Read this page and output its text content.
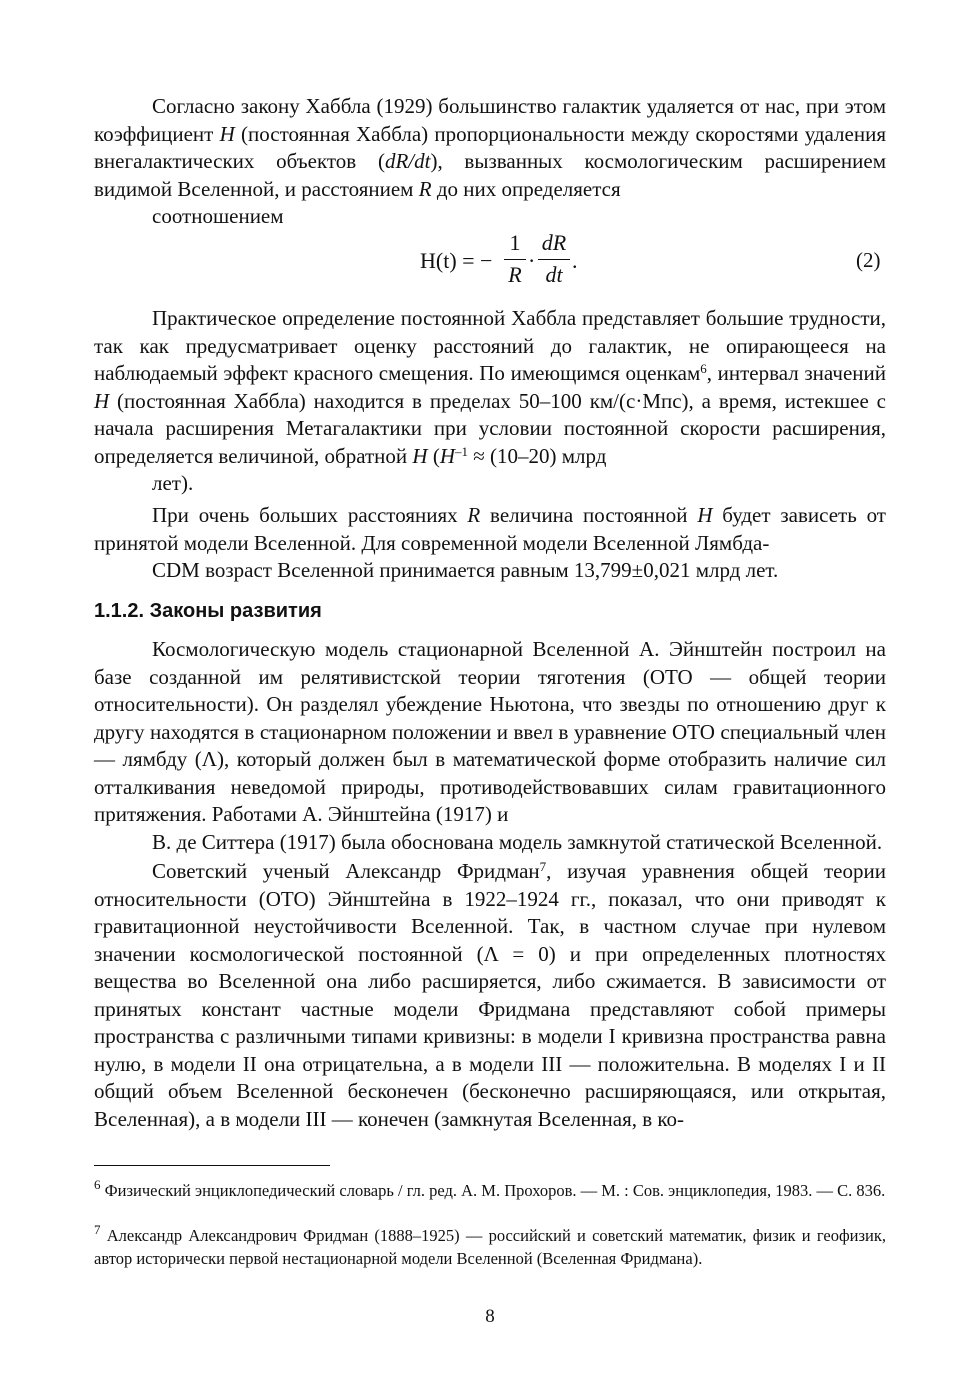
Согласно закону Хаббла (1929) большинство галактик удаляется от нас, при этом коэффициент H (постоянная Хаббла) пропорциональности между скоростями удаления внегалактических объектов (dR/dt), вызванных космологическим расширением видимой Вселенной, и расстоянием R до них определяется
соотношением
H(t) = −
1
R
·
dR
dt
.	(2)
Практическое определение постоянной Хаббла представляет большие трудности, так как предусматривает оценку расстояний до галактик, не опирающееся на наблюдаемый эффект красного смещения. По имеющимся оценкам$^6$, интервал значений H (постоянная Хаббла) находится в пределах 50–100 км/(с·Мпс), а время, истекшее с начала расширения Метагалактики при условии постоянной скорости расширения, определяется величиной, обратной H ($H^{-1} \approx (10-20)$ млрд
лет).
При очень больших расстояниях R величина постоянной H будет зависеть от принятой модели Вселенной. Для современной модели Вселенной Лямбда-
CDM возраст Вселенной принимается равным 13,799±0,021 млрд лет.
1.1.2. Законы развития
Космологическую модель стационарной Вселенной А. Эйнштейн построил на базе созданной им релятивистской теории тяготения (ОТО — общей теории относительности). Он разделял убеждение Ньютона, что звезды по отношению друг к другу находятся в стационарном положении и ввел в уравнение ОТО специальный член — лямбду (Λ), который должен был в математической форме отобразить наличие сил отталкивания неведомой природы, противодействовавших силам гравитационного притяжения. Работами А. Эйнштейна (1917) и
В. де Ситтера (1917) была обоснована модель замкнутой статической Вселенной.
Советский ученый Александр Фридман$^7$, изучая уравнения общей теории относительности (ОТО) Эйнштейна в 1922–1924 гг., показал, что они приводят к гравитационной неустойчивости Вселенной. Так, в частном случае при нулевом значении космологической постоянной (Λ = 0) и при определенных плотностях вещества во Вселенной она либо расширяется, либо сжимается. В зависимости от принятых констант частные модели Фридмана представляют собой примеры пространства с различными типами кривизны: в модели I кривизна пространства равна нулю, в модели II она отрицательна, а в модели III — положительна. В моделях I и II общий объем Вселенной бесконечен (бесконечно расширяющаяся, или открытая, Вселенная), а в модели III — конечен (замкнутая Вселенная, в ко-
$^6$ Физический энциклопедический словарь / гл. ред. А. М. Прохоров. — М. : Сов. энциклопедия, 1983. — С. 836.
$^7$ Александр Александрович Фридман (1888–1925) — российский и советский математик, физик и геофизик, автор исторически первой нестационарной модели Вселенной (Вселенная Фридмана).
8
